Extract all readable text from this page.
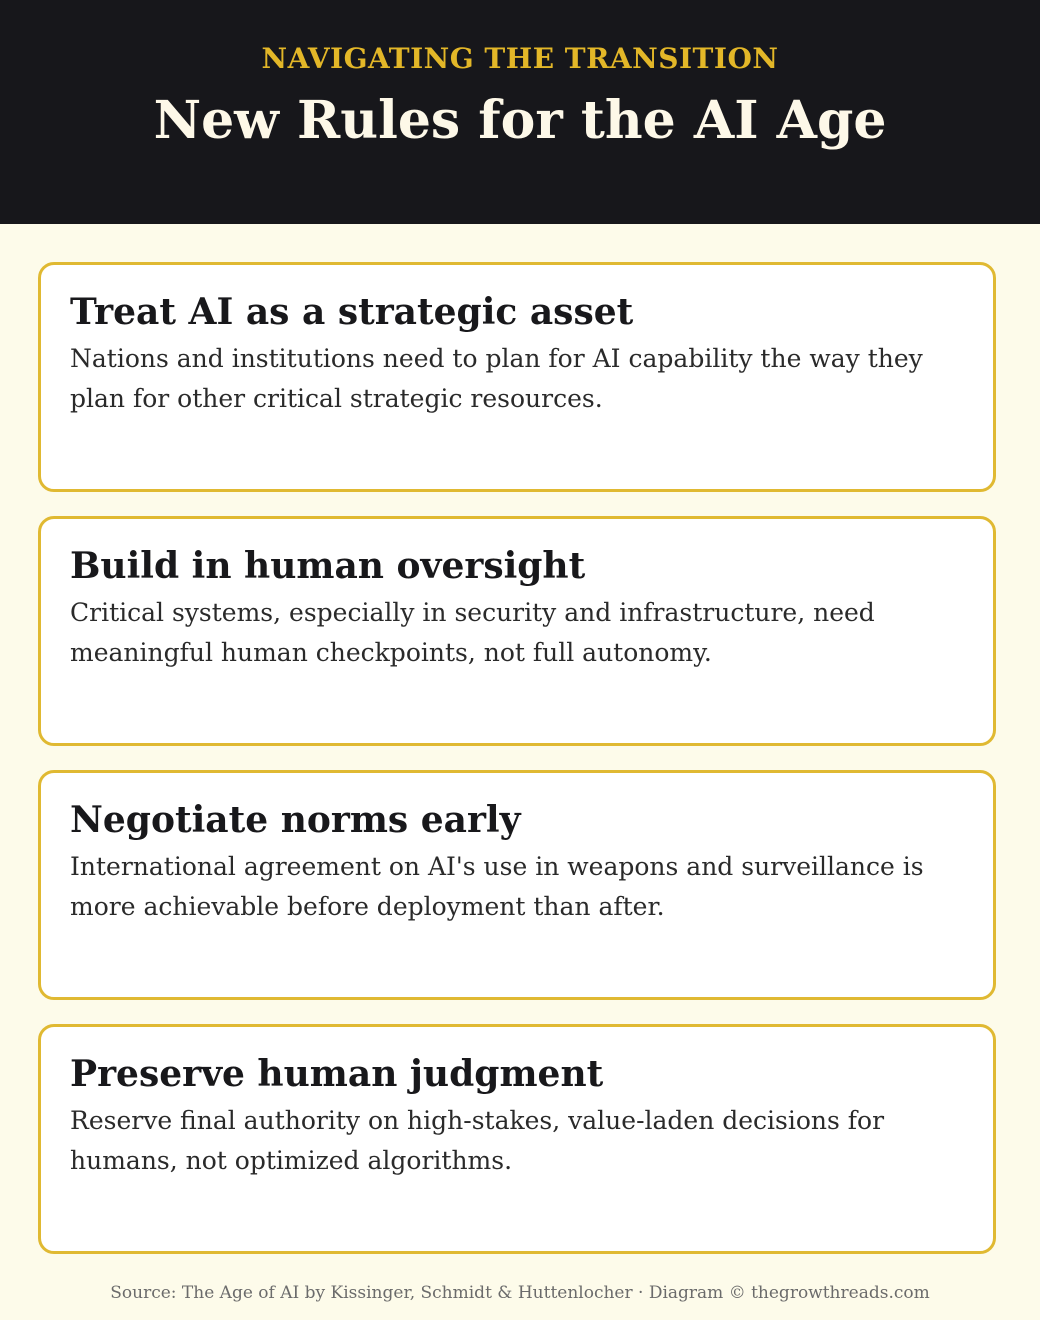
NAVIGATING THE TRANSITION
New Rules for the AI Age
Treat AI as a strategic asset

Nations and institutions need to plan for AI capability the way they plan for other critical strategic resources.

Build in human oversight

Critical systems, especially in security and infrastructure, need meaningful human checkpoints, not full autonomy.

Negotiate norms early

International agreement on AI's use in weapons and surveillance is more achievable before deployment than after.

Preserve human judgment

Reserve final authority on high-stakes, value-laden decisions for humans, not optimized algorithms.

Source: The Age of AI by Kissinger, Schmidt & Huttenlocher · Diagram © thegrowthreads.com
